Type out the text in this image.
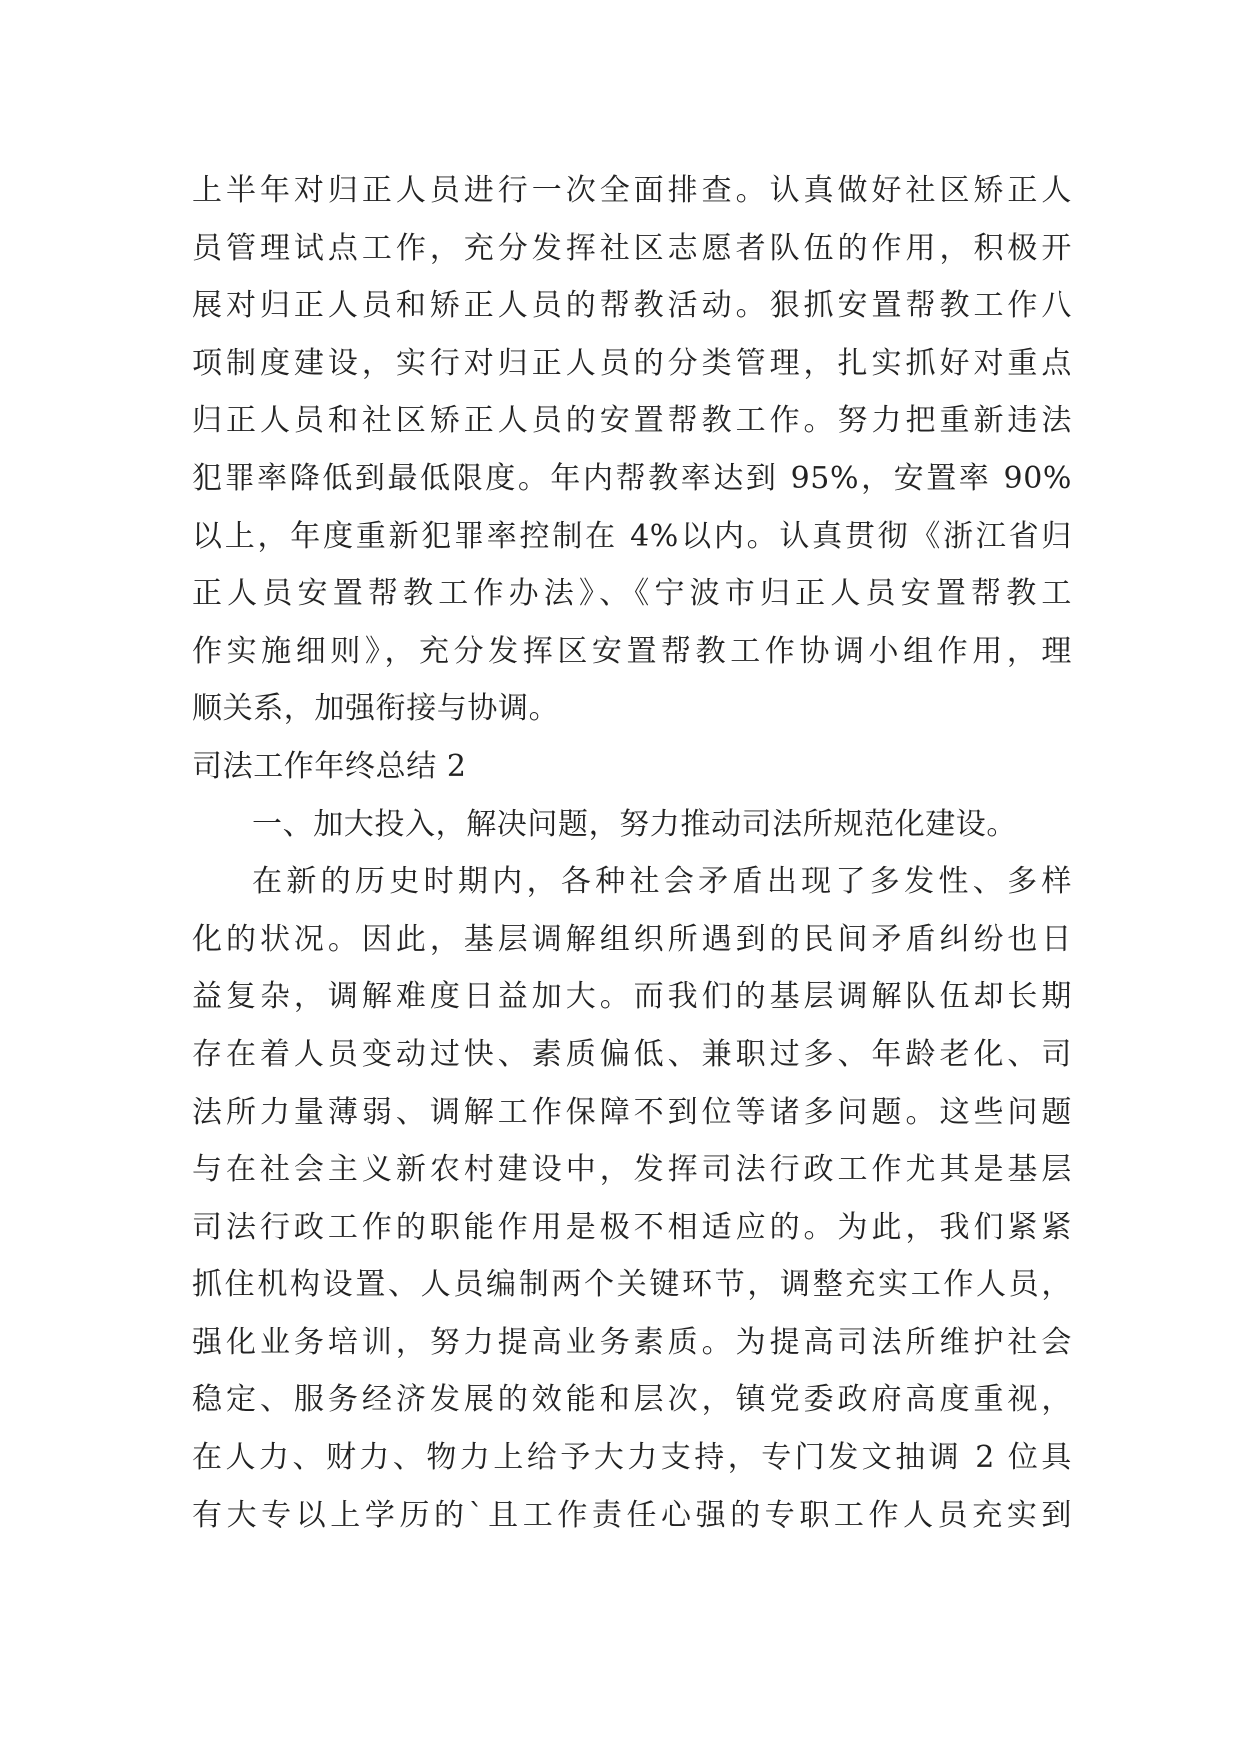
上半年对归正人员进行一次全面排查。认真做好社区矫正人
员管理试点工作，充分发挥社区志愿者队伍的作用，积极开
展对归正人员和矫正人员的帮教活动。狠抓安置帮教工作八
项制度建设，实行对归正人员的分类管理，扎实抓好对重点
归正人员和社区矫正人员的安置帮教工作。努力把重新违法
犯罪率降低到最低限度。年内帮教率达到 95%，安置率 90%
以上，年度重新犯罪率控制在 4%以内。认真贯彻《浙江省归
正人员安置帮教工作办法》、《宁波市归正人员安置帮教工
作实施细则》，充分发挥区安置帮教工作协调小组作用，理
顺关系，加强衔接与协调。
司法工作年终总结 2
一、加大投入，解决问题，努力推动司法所规范化建设。
在新的历史时期内，各种社会矛盾出现了多发性、多样
化的状况。因此，基层调解组织所遇到的民间矛盾纠纷也日
益复杂，调解难度日益加大。而我们的基层调解队伍却长期
存在着人员变动过快、素质偏低、兼职过多、年龄老化、司
法所力量薄弱、调解工作保障不到位等诸多问题。这些问题
与在社会主义新农村建设中，发挥司法行政工作尤其是基层
司法行政工作的职能作用是极不相适应的。为此，我们紧紧
抓住机构设置、人员编制两个关键环节，调整充实工作人员，
强化业务培训，努力提高业务素质。为提高司法所维护社会
稳定、服务经济发展的效能和层次，镇党委政府高度重视，
在人力、财力、物力上给予大力支持，专门发文抽调 2 位具
有大专以上学历的`且工作责任心强的专职工作人员充实到
